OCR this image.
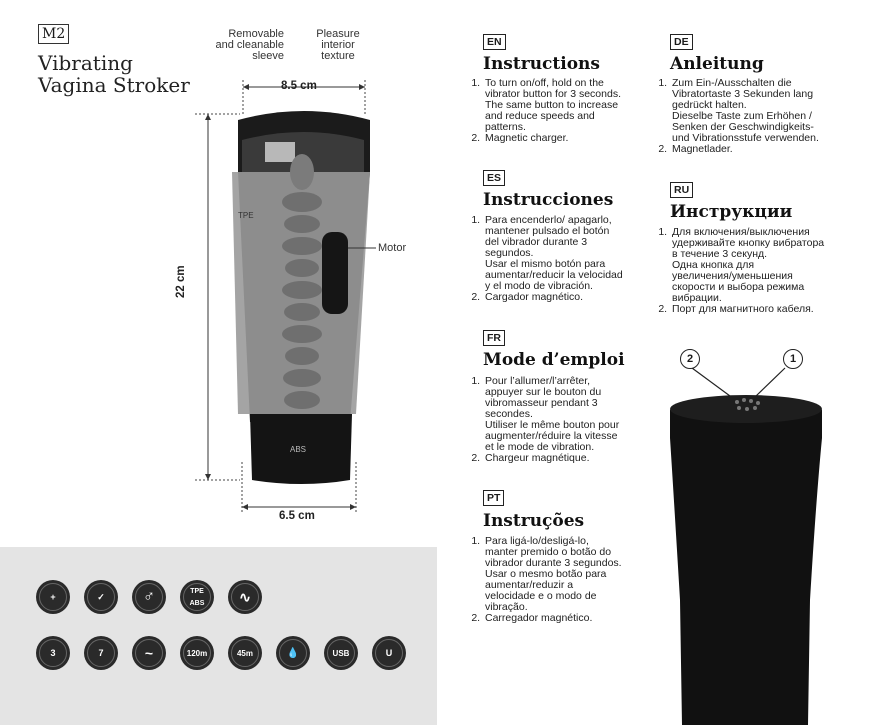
M2
Vibrating
Vagina Stroker
Removable
and cleanable
sleeve
Pleasure
interior
texture
Motor
TPE
ABS
8.5 cm
22 cm
6.5 cm
+	✓	♂	TPE ABS	∿
3	7	~	120m	45m	💧	USB	U
EN
Instructions
1. To turn on/off, hold on the
vibrator button for 3 seconds.
The same button to increase
and reduce speeds and
patterns.
2. Magnetic charger.
ES
Instrucciones
1. Para encenderlo/ apagarlo,
mantener pulsado el botón
del vibrador durante 3
segundos.
Usar el mismo botón para
aumentar/reducir la velocidad
y el modo de vibración.
2. Cargador magnético.
FR
Mode d’emploi
1. Pour l’allumer/l’arrêter,
appuyer sur le bouton du
vibromasseur pendant 3
secondes.
Utiliser le même bouton pour
augmenter/réduire la vitesse
et le mode de vibration.
2. Chargeur magnétique.
PT
Instruções
1. Para ligá-lo/desligá-lo,
manter premido o botão do
vibrador durante 3 segundos.
Usar o mesmo botão para
aumentar/reduzir a
velocidade e o modo de
vibração.
2. Carregador magnético.
DE
Anleitung
1. Zum Ein-/Ausschalten die
Vibratortaste 3 Sekunden lang
gedrückt halten.
Dieselbe Taste zum Erhöhen /
Senken der Geschwindigkeits-
und Vibrationsstufe verwenden.
2. Magnetlader.
RU
Инструкции
1. Для включения/выключения
удерживайте кнопку вибратора
в течение 3 секунд.
Одна кнопка для
увеличения/уменьшения
скорости и выбора режима
вибрации.
2. Порт для магнитного кабеля.
2	1
